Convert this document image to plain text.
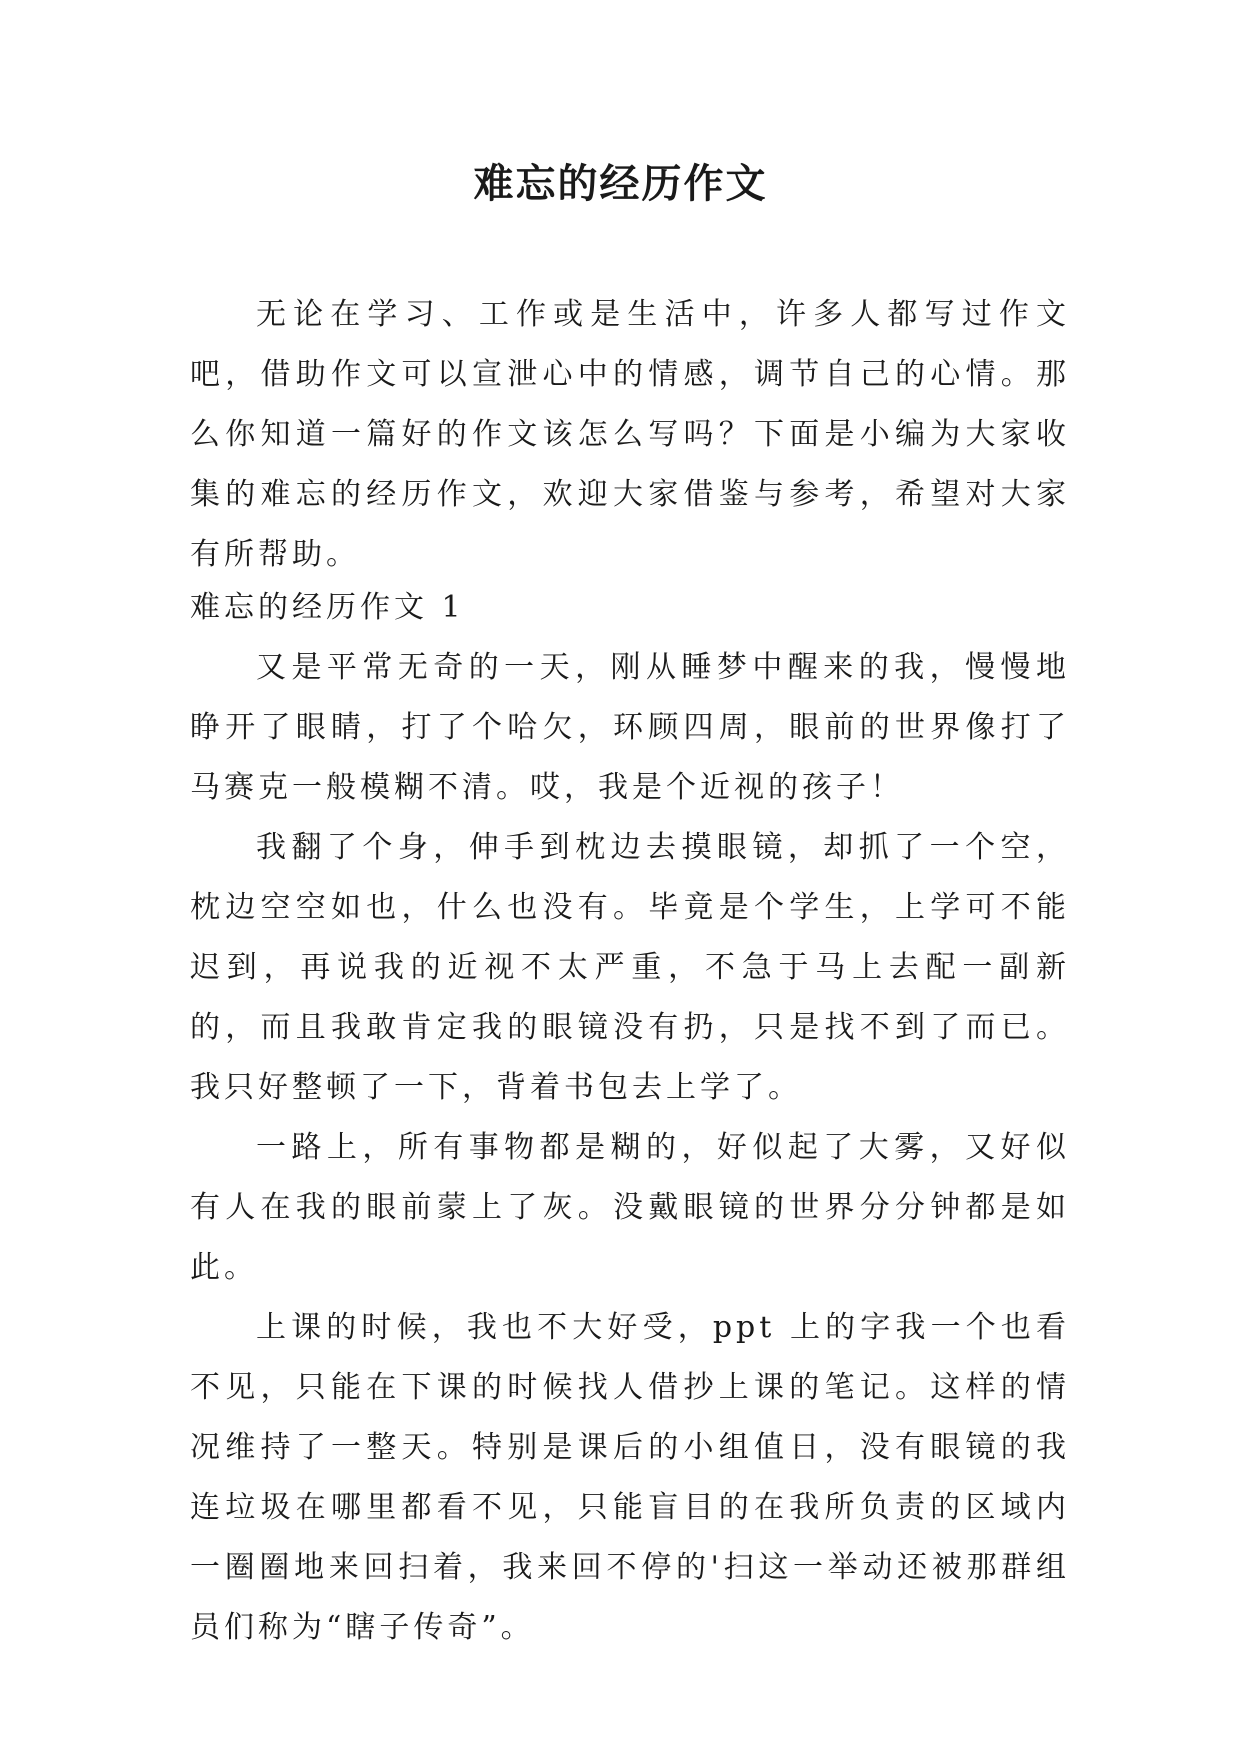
难忘的经历作文

无论在学习、工作或是生活中，许多人都写过作文吧，借助作文可以宣泄心中的情感，调节自己的心情。那么你知道一篇好的作文该怎么写吗？下面是小编为大家收集的难忘的经历作文，欢迎大家借鉴与参考，希望对大家有所帮助。

难忘的经历作文 1

又是平常无奇的一天，刚从睡梦中醒来的我，慢慢地睁开了眼睛，打了个哈欠，环顾四周，眼前的世界像打了马赛克一般模糊不清。哎，我是个近视的孩子！

我翻了个身，伸手到枕边去摸眼镜，却抓了一个空，枕边空空如也，什么也没有。毕竟是个学生，上学可不能迟到，再说我的近视不太严重，不急于马上去配一副新的，而且我敢肯定我的眼镜没有扔，只是找不到了而已。我只好整顿了一下，背着书包去上学了。

一路上，所有事物都是糊的，好似起了大雾，又好似有人在我的眼前蒙上了灰。没戴眼镜的世界分分钟都是如此。

上课的时候，我也不大好受，ppt 上的字我一个也看不见，只能在下课的时候找人借抄上课的笔记。这样的情况维持了一整天。特别是课后的小组值日，没有眼镜的我连垃圾在哪里都看不见，只能盲目的在我所负责的区域内一圈圈地来回扫着，我来回不停的'扫这一举动还被那群组员们称为“瞎子传奇”。
